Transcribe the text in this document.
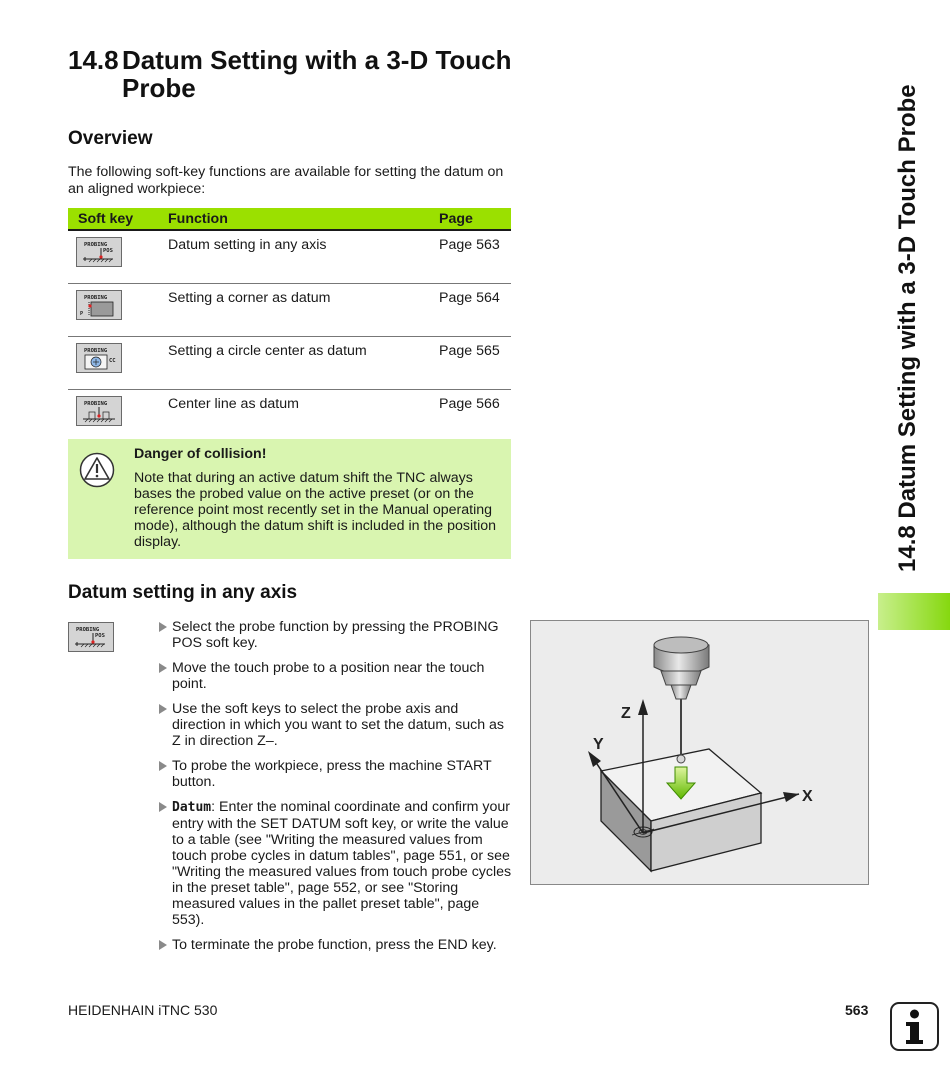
14.8 Datum Setting with a 3-D Touch
Probe
Overview

The following soft-key functions are available for setting the datum on an aligned workpiece:

Soft key	Function	Page

PROBING
POS	Datum setting in any axis	Page 563

PROBING
P	Setting a corner as datum	Page 564

PROBING
CC	Setting a circle center as datum	Page 565

PROBING	Center line as datum	Page 566
Danger of collision!

Note that during an active datum shift the TNC always bases the probed value on the active preset (or on the reference point most recently set in the Manual operating mode), although the datum shift is included in the position display.

Datum setting in any axis
PROBING
POS
Select the probe function by pressing the PROBING POS soft key.
Move the touch probe to a position near the touch point.
Use the soft keys to select the probe axis and direction in which you want to set the datum, such as Z in direction Z–.
To probe the workpiece, press the machine START button.
Datum: Enter the nominal coordinate and confirm your entry with the SET DATUM soft key, or write the value to a table (see "Writing the measured values from touch probe cycles in datum tables", page 551, or see "Writing the measured values from touch probe cycles in the preset table", page 552, or see "Storing measured values in the pallet preset table", page 553).
To terminate the probe function, press the END key.
Z
Y
X
14.8 Datum Setting with a 3-D Touch Probe
HEIDENHAIN iTNC 530	563
